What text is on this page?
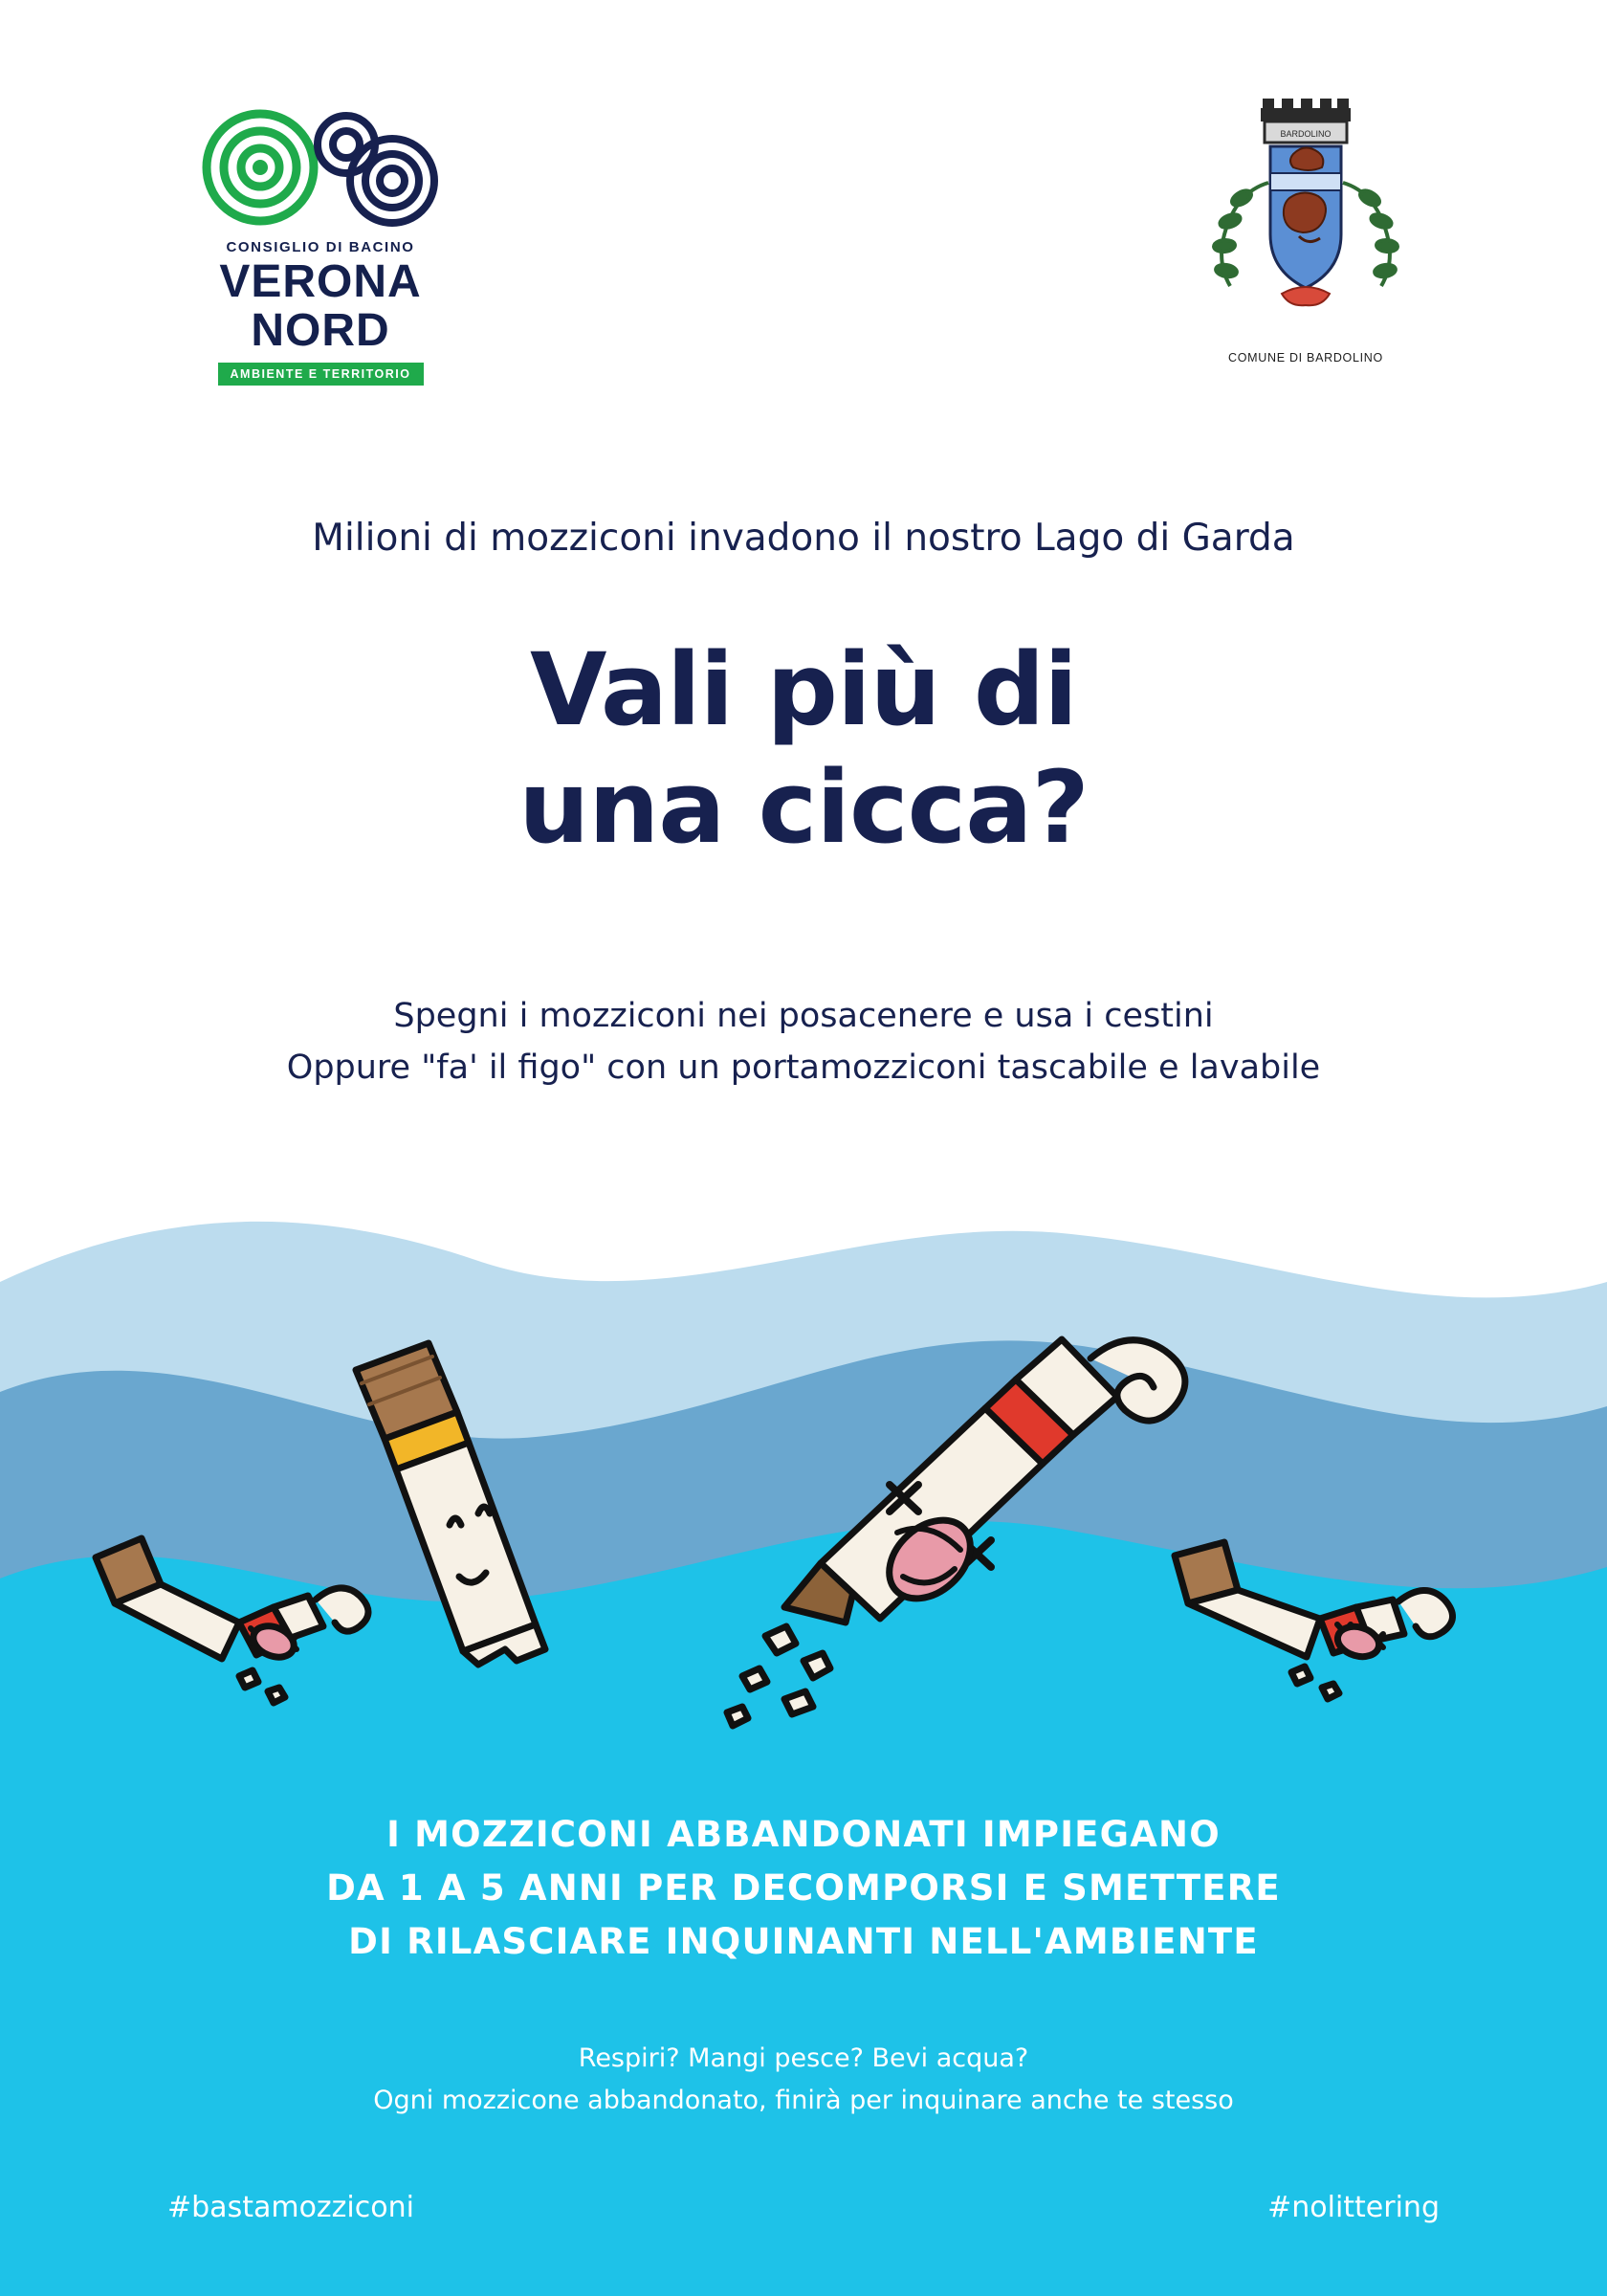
CONSIGLIO DI BACINO
VERONA
NORD
AMBIENTE E TERRITORIO
BARDOLINO
COMUNE DI BARDOLINO
Milioni di mozziconi invadono il nostro Lago di Garda
Vali più di
una cicca?
Spegni i mozziconi nei posacenere e usa i cestini
Oppure "fa' il figo" con un portamozziconi tascabile e lavabile
I MOZZICONI ABBANDONATI IMPIEGANO
DA 1 A 5 ANNI PER DECOMPORSI E SMETTERE
DI RILASCIARE INQUINANTI NELL'AMBIENTE
Respiri? Mangi pesce? Bevi acqua?
Ogni mozzicone abbandonato, finirà per inquinare anche te stesso
#bastamozziconi	#nolittering
